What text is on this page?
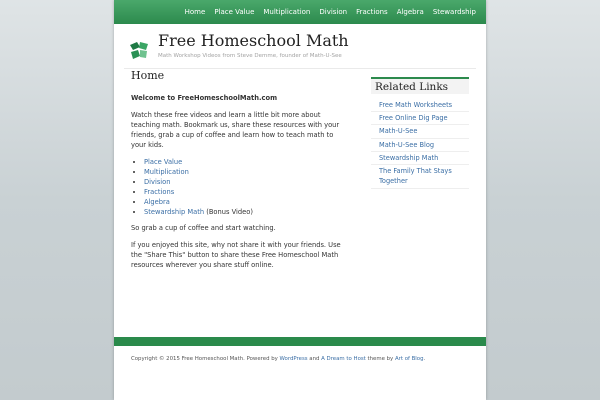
Home Place Value Multiplication Division Fractions Algebra Stewardship
Free Homeschool Math
Math Workshop Videos from Steve Demme, founder of Math-U-See
Home

Welcome to FreeHomeschoolMath.com

Watch these free videos and learn a little bit more about teaching math. Bookmark us, share these resources with your friends, grab a cup of coffee and learn how to teach math to your kids.

• Place Value
• Multiplication
• Division
• Fractions
• Algebra
• Stewardship Math (Bonus Video)

So grab a cup of coffee and start watching.

If you enjoyed this site, why not share it with your friends. Use the "Share This" button to share these Free Homeschool Math resources wherever you share stuff online.

Related Links
Free Math Worksheets
Free Online Dig Page
Math-U-See
Math-U-See Blog
Stewardship Math
The Family That Stays Together
Copyright © 2015 Free Homeschool Math. Powered by WordPress and A Dream to Host theme by Art of Blog.
